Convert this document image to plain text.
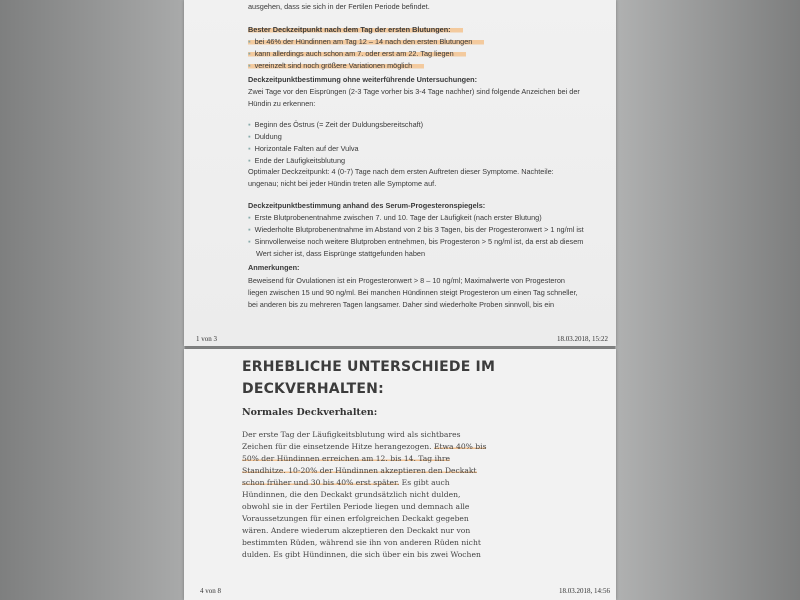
ausgehen, dass sie sich in der Fertilen Periode befindet.
Bester Deckzeitpunkt nach dem Tag der ersten Blutungen:
▪ bei 46% der Hündinnen am Tag 12 – 14 nach den ersten Blutungen
▪ kann allerdings auch schon am 7. oder erst am 22. Tag liegen
▪ vereinzelt sind noch größere Variationen möglich
Deckzeitpunktbestimmung ohne weiterführende Untersuchungen:
Zwei Tage vor den Eisprüngen (2-3 Tage vorher bis 3-4 Tage nachher) sind folgende Anzeichen bei der
Hündin zu erkennen:
▪ Beginn des Östrus (= Zeit der Duldungsbereitschaft)
▪ Duldung
▪ Horizontale Falten auf der Vulva
▪ Ende der Läufigkeitsblutung
Optimaler Deckzeitpunkt: 4 (0-7) Tage nach dem ersten Auftreten dieser Symptome. Nachteile:
ungenau; nicht bei jeder Hündin treten alle Symptome auf.
Deckzeitpunktbestimmung anhand des Serum-Progesteronspiegels:
▪ Erste Blutprobenentnahme zwischen 7. und 10. Tage der Läufigkeit (nach erster Blutung)
▪ Wiederholte Blutprobenentnahme im Abstand von 2 bis 3 Tagen, bis der Progesteronwert > 1 ng/ml ist
▪ Sinnvollerweise noch weitere Blutproben entnehmen, bis Progesteron > 5 ng/ml ist, da erst ab diesem
Wert sicher ist, dass Eisprünge stattgefunden haben
Anmerkungen:
Beweisend für Ovulationen ist ein Progesteronwert > 8 – 10 ng/ml; Maximalwerte von Progesteron
liegen zwischen 15 und 90 ng/ml. Bei manchen Hündinnen steigt Progesteron um einen Tag schneller,
bei anderen bis zu mehreren Tagen langsamer. Daher sind wiederholte Proben sinnvoll, bis ein
1 von 3	18.03.2018, 15:22
ERHEBLICHE UNTERSCHIEDE IM
DECKVERHALTEN:
Normales Deckverhalten:
Der erste Tag der Läufigkeitsblutung wird als sichtbares
Zeichen für die einsetzende Hitze herangezogen. Etwa 40% bis
50% der Hündinnen erreichen am 12. bis 14. Tag ihre
Standhitze. 10-20% der Hündinnen akzeptieren den Deckakt
schon früher und 30 bis 40% erst später. Es gibt auch
Hündinnen, die den Deckakt grundsätzlich nicht dulden,
obwohl sie in der Fertilen Periode liegen und demnach alle
Voraussetzungen für einen erfolgreichen Deckakt gegeben
wären. Andere wiederum akzeptieren den Deckakt nur von
bestimmten Rüden, während sie ihn von anderen Rüden nicht
dulden. Es gibt Hündinnen, die sich über ein bis zwei Wochen
4 von 8	18.03.2018, 14:56
